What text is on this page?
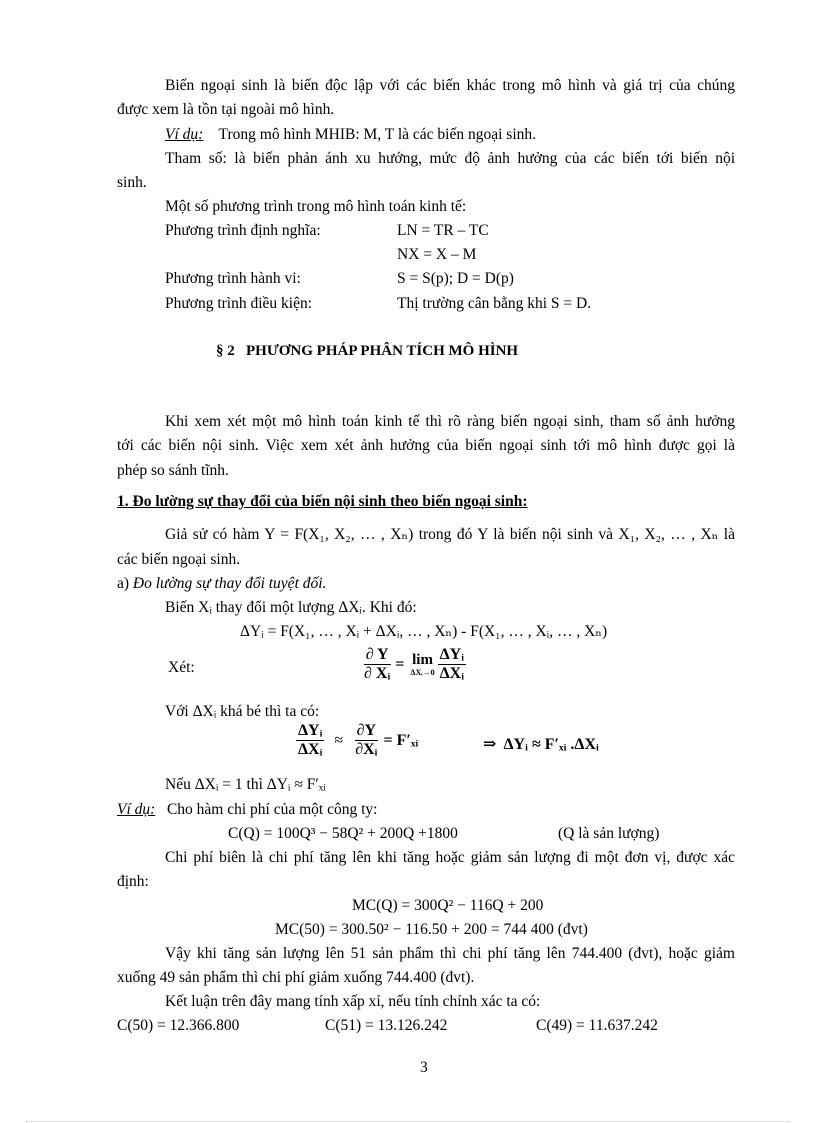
Biến ngoại sinh là biến độc lập với các biến khác trong mô hình và giá trị của chúng
được xem là tồn tại ngoài mô hình.
Ví dụ: Trong mô hình MHIB: M, T là các biến ngoại sinh.
Tham số: là biến phản ánh xu hướng, mức độ ảnh hưởng của các biến tới biến nội
sinh.
Một số phương trình trong mô hình toán kinh tế:
Phương trình định nghĩa:	LN = TR – TC
NX = X – M
Phương trình hành vi:	S = S(p); D = D(p)
Phương trình điều kiện:	Thị trường cân bằng khi S = D.
§ 2   PHƯƠNG PHÁP PHÂN TÍCH MÔ HÌNH
Khi xem xét một mô hình toán kinh tế thì rõ ràng biến ngoại sinh, tham số ảnh hưởng
tới các biến nội sinh. Việc xem xét ảnh hưởng của biến ngoại sinh tới mô hình được gọi là
phép so sánh tĩnh.
1. Đo lường sự thay đổi của biến nội sinh theo biến ngoại sinh:
Giả sử có hàm Y = F(X₁, X₂, … , Xₙ) trong đó Y là biến nội sinh và X₁, X₂, … , Xₙ là
các biến ngoại sinh.
a) Đo lường sự thay đổi tuyệt đối.
Biến Xᵢ thay đổi một lượng ΔXᵢ. Khi đó:
ΔYᵢ = F(X₁, … , Xᵢ + ΔXᵢ, … , Xₙ) - F(X₁, … , Xᵢ, … , Xₙ)
Xét:	$\frac{\partial Y}{\text{∂ Xᵢ}} = \lim$
ΔXᵢ→0 $\frac{\text{ΔYᵢ}}{\text{ΔXᵢ}}$
Với ΔXᵢ khá bé thì ta có:
$\frac{\text{ΔYᵢ}}{\text{ΔXᵢ}} \approx \frac{\partial Y}{\text{∂Xᵢ}}$ = F′ₓᵢ	⇒  ΔYᵢ ≈ F′ₓᵢ .ΔXᵢ
Nếu ΔXᵢ = 1 thì ΔYᵢ ≈ F′ₓᵢ
Ví dụ: Cho hàm chi phí của một công ty:
C(Q) = 100Q³ − 58Q² + 200Q +1800	(Q là sản lượng)
Chi phí biên là chi phí tăng lên khi tăng hoặc giảm sản lượng đi một đơn vị, được xác
định:
MC(Q) = 300Q² − 116Q + 200
MC(50) = 300.50² − 116.50 + 200 = 744 400 (đvt)
Vậy khi tăng sản lượng lên 51 sản phẩm thì chi phí tăng lên 744.400 (đvt), hoặc giảm
xuống 49 sản phẩm thì chi phí giảm xuống 744.400 (đvt).
Kết luận trên đây mang tính xấp xỉ, nếu tính chính xác ta có:
C(50) = 12.366.800	C(51) = 13.126.242	C(49) = 11.637.242
3
